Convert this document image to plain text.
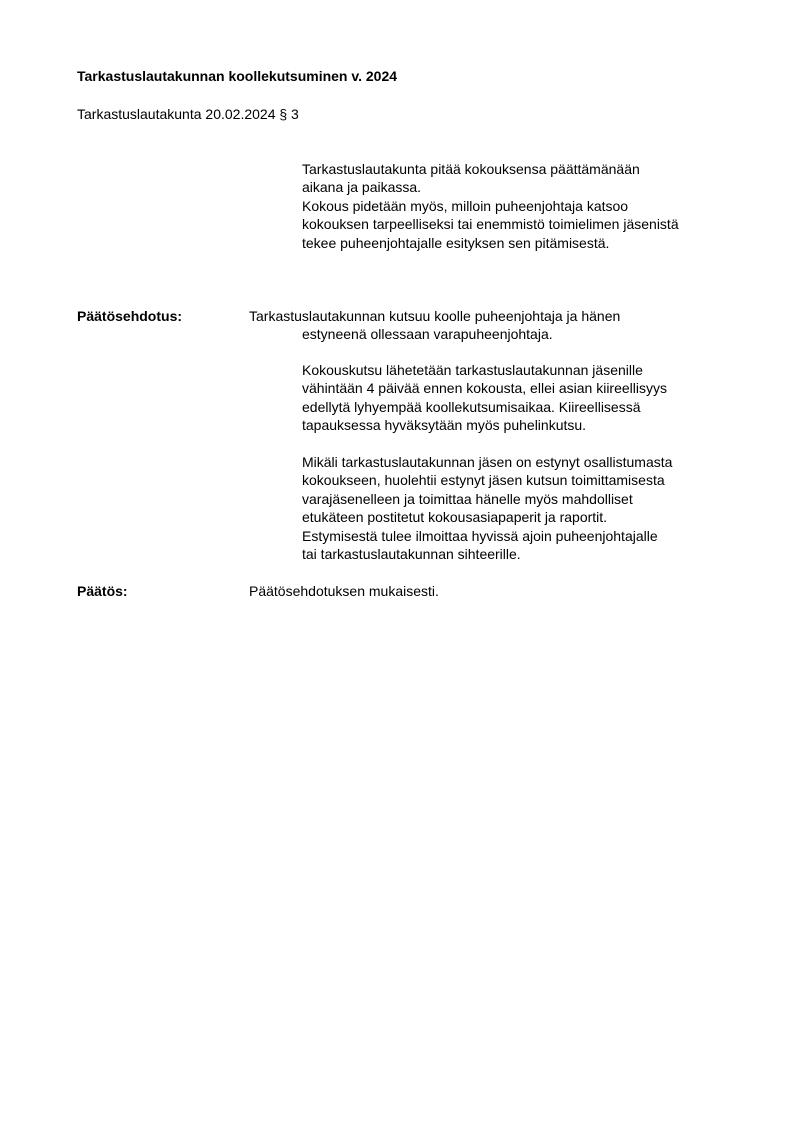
Tarkastuslautakunnan koollekutsuminen v. 2024
Tarkastuslautakunta 20.02.2024 § 3

Tarkastuslautakunta pitää kokouksensa päättämänään

aikana ja paikassa.

Kokous pidetään myös, milloin puheenjohtaja katsoo

kokouksen tarpeelliseksi tai enemmistö toimielimen jäsenistä

tekee puheenjohtajalle esityksen sen pitämisestä.

Päätösehdotus:	Tarkastuslautakunnan kutsuu koolle puheenjohtaja ja hänen

estyneenä ollessaan varapuheenjohtaja.

Kokouskutsu lähetetään tarkastuslautakunnan jäsenille

vähintään 4 päivää ennen kokousta, ellei asian kiireellisyys

edellytä lyhyempää koollekutsumisaikaa. Kiireellisessä

tapauksessa hyväksytään myös puhelinkutsu.

Mikäli tarkastuslautakunnan jäsen on estynyt osallistumasta

kokoukseen, huolehtii estynyt jäsen kutsun toimittamisesta

varajäsenelleen ja toimittaa hänelle myös mahdolliset

etukäteen postitetut kokousasiapaperit ja raportit.

Estymisestä tulee ilmoittaa hyvissä ajoin puheenjohtajalle

tai tarkastuslautakunnan sihteerille.

Päätös:	Päätösehdotuksen mukaisesti.
